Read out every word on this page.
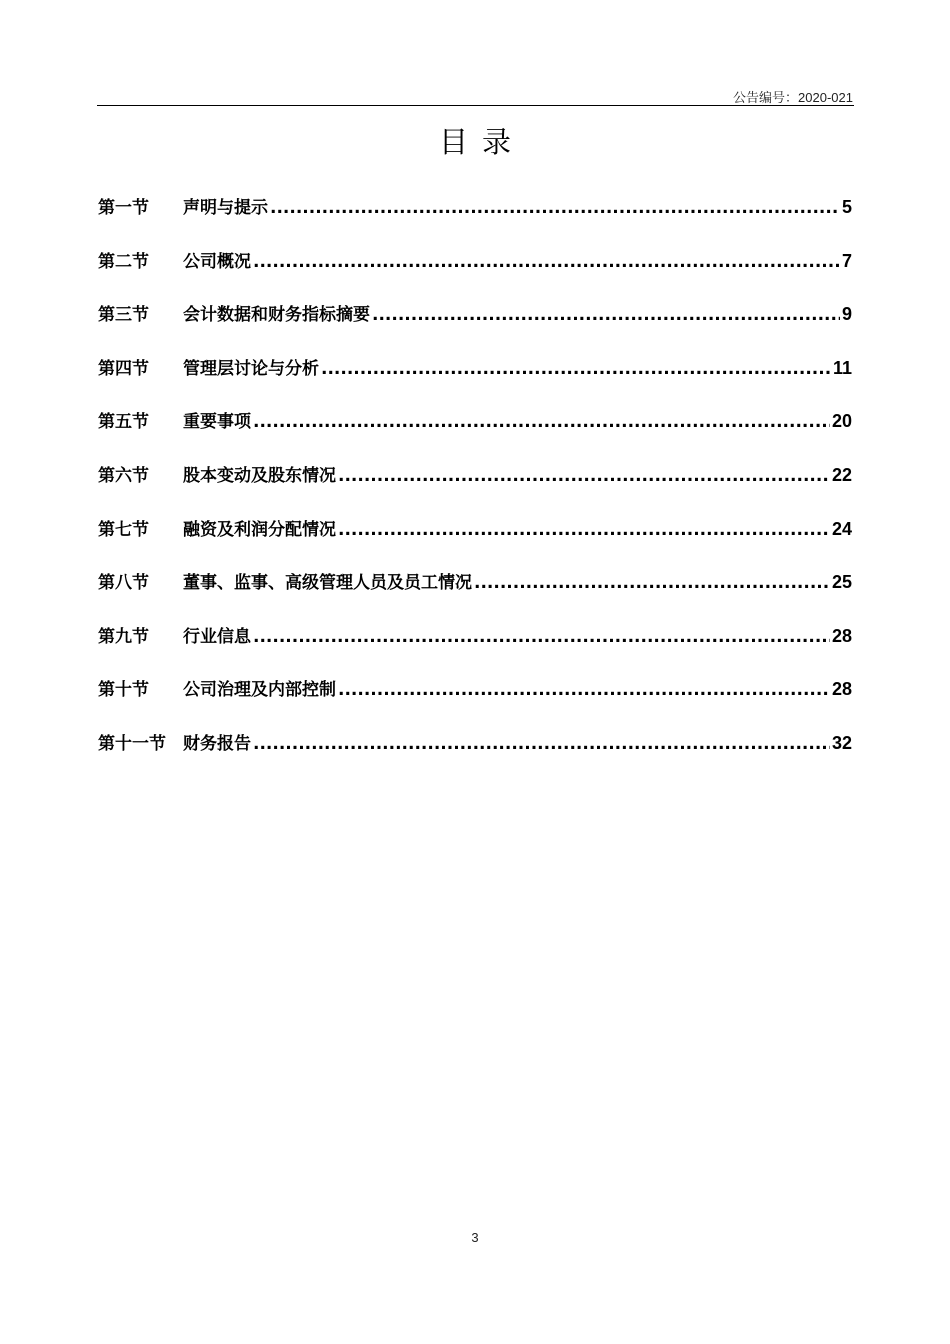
公告编号：2020-021
目录
第一节	声明与提示 .....	5
第二节	公司概况 .....	7
第三节	会计数据和财务指标摘要 .....	9
第四节	管理层讨论与分析 .....	11
第五节	重要事项 .....	20
第六节	股本变动及股东情况 .....	22
第七节	融资及利润分配情况 .....	24
第八节	董事、监事、高级管理人员及员工情况 .....	25
第九节	行业信息 .....	28
第十节	公司治理及内部控制 .....	28
第十一节	财务报告 .....	32
3
